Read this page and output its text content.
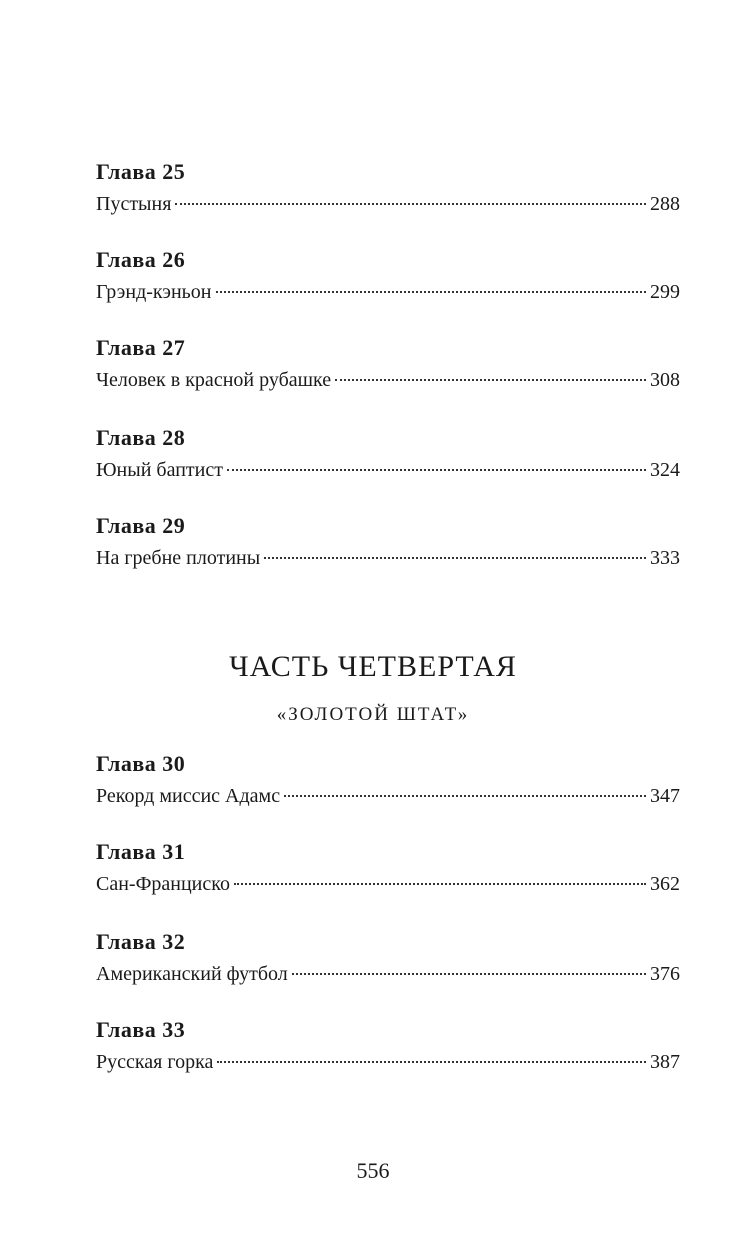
Глава 25
Пустыня	288
Глава 26
Грэнд-кэньон	299
Глава 27
Человек в красной рубашке	308
Глава 28
Юный баптист	324
Глава 29
На гребне плотины	333
ЧАСТЬ ЧЕТВЕРТАЯ
«ЗОЛОТОЙ ШТАТ»
Глава 30
Рекорд миссис Адамс	347
Глава 31
Сан-Франциско	362
Глава 32
Американский футбол	376
Глава 33
Русская горка	387
556
